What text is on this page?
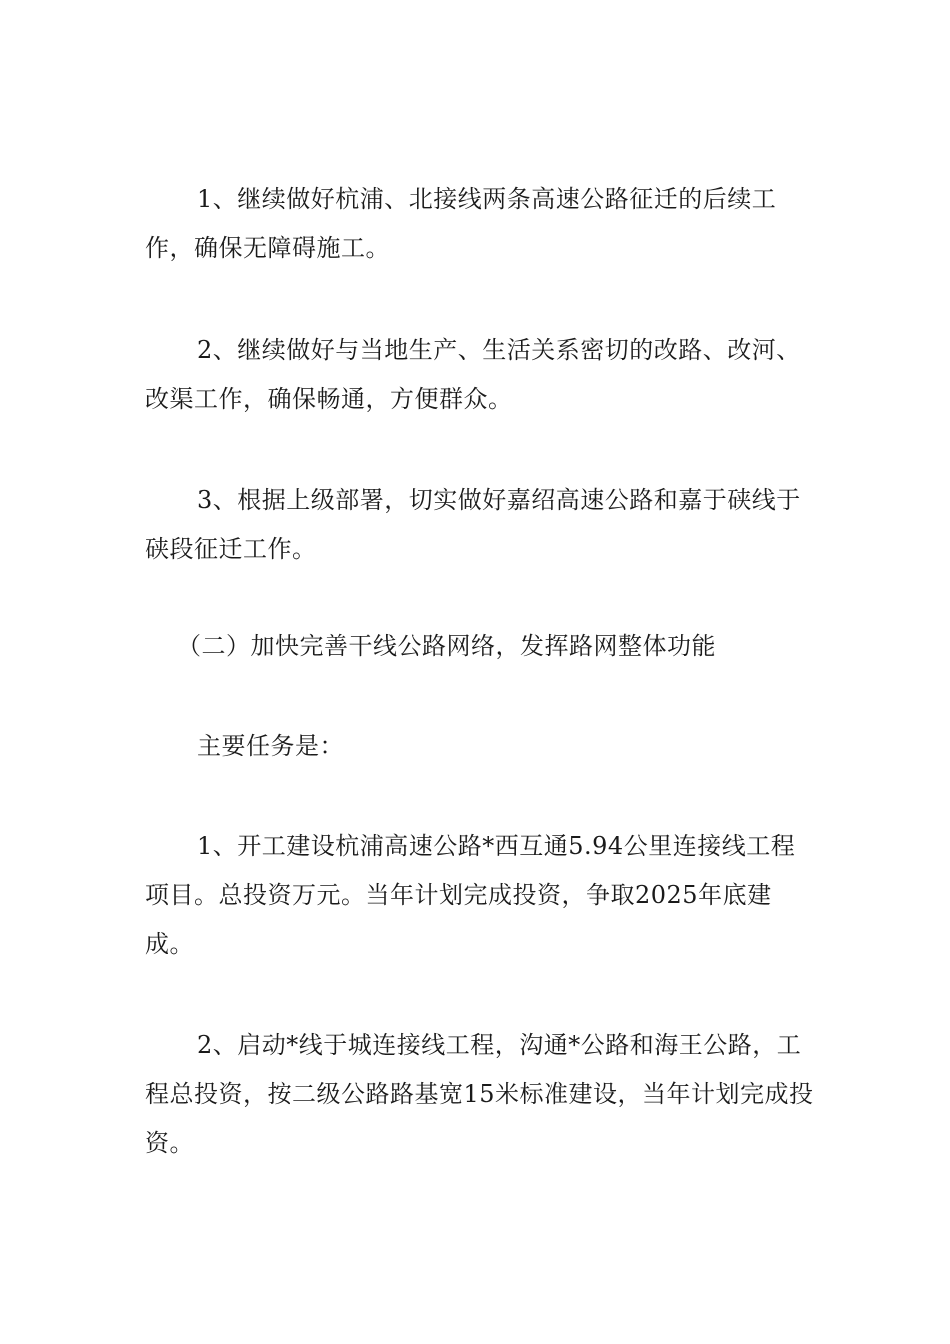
1、继续做好杭浦、北接线两条高速公路征迁的后续工作，确保无障碍施工。

2、继续做好与当地生产、生活关系密切的改路、改河、改渠工作，确保畅通，方便群众。

3、根据上级部署，切实做好嘉绍高速公路和嘉于硖线于硖段征迁工作。

（二）加快完善干线公路网络，发挥路网整体功能

主要任务是：

1、开工建设杭浦高速公路*西互通5.94公里连接线工程项目。总投资万元。当年计划完成投资，争取2025年底建成。

2、启动*线于城连接线工程，沟通*公路和海王公路，工程总投资，按二级公路路基宽15米标准建设，当年计划完成投资。
